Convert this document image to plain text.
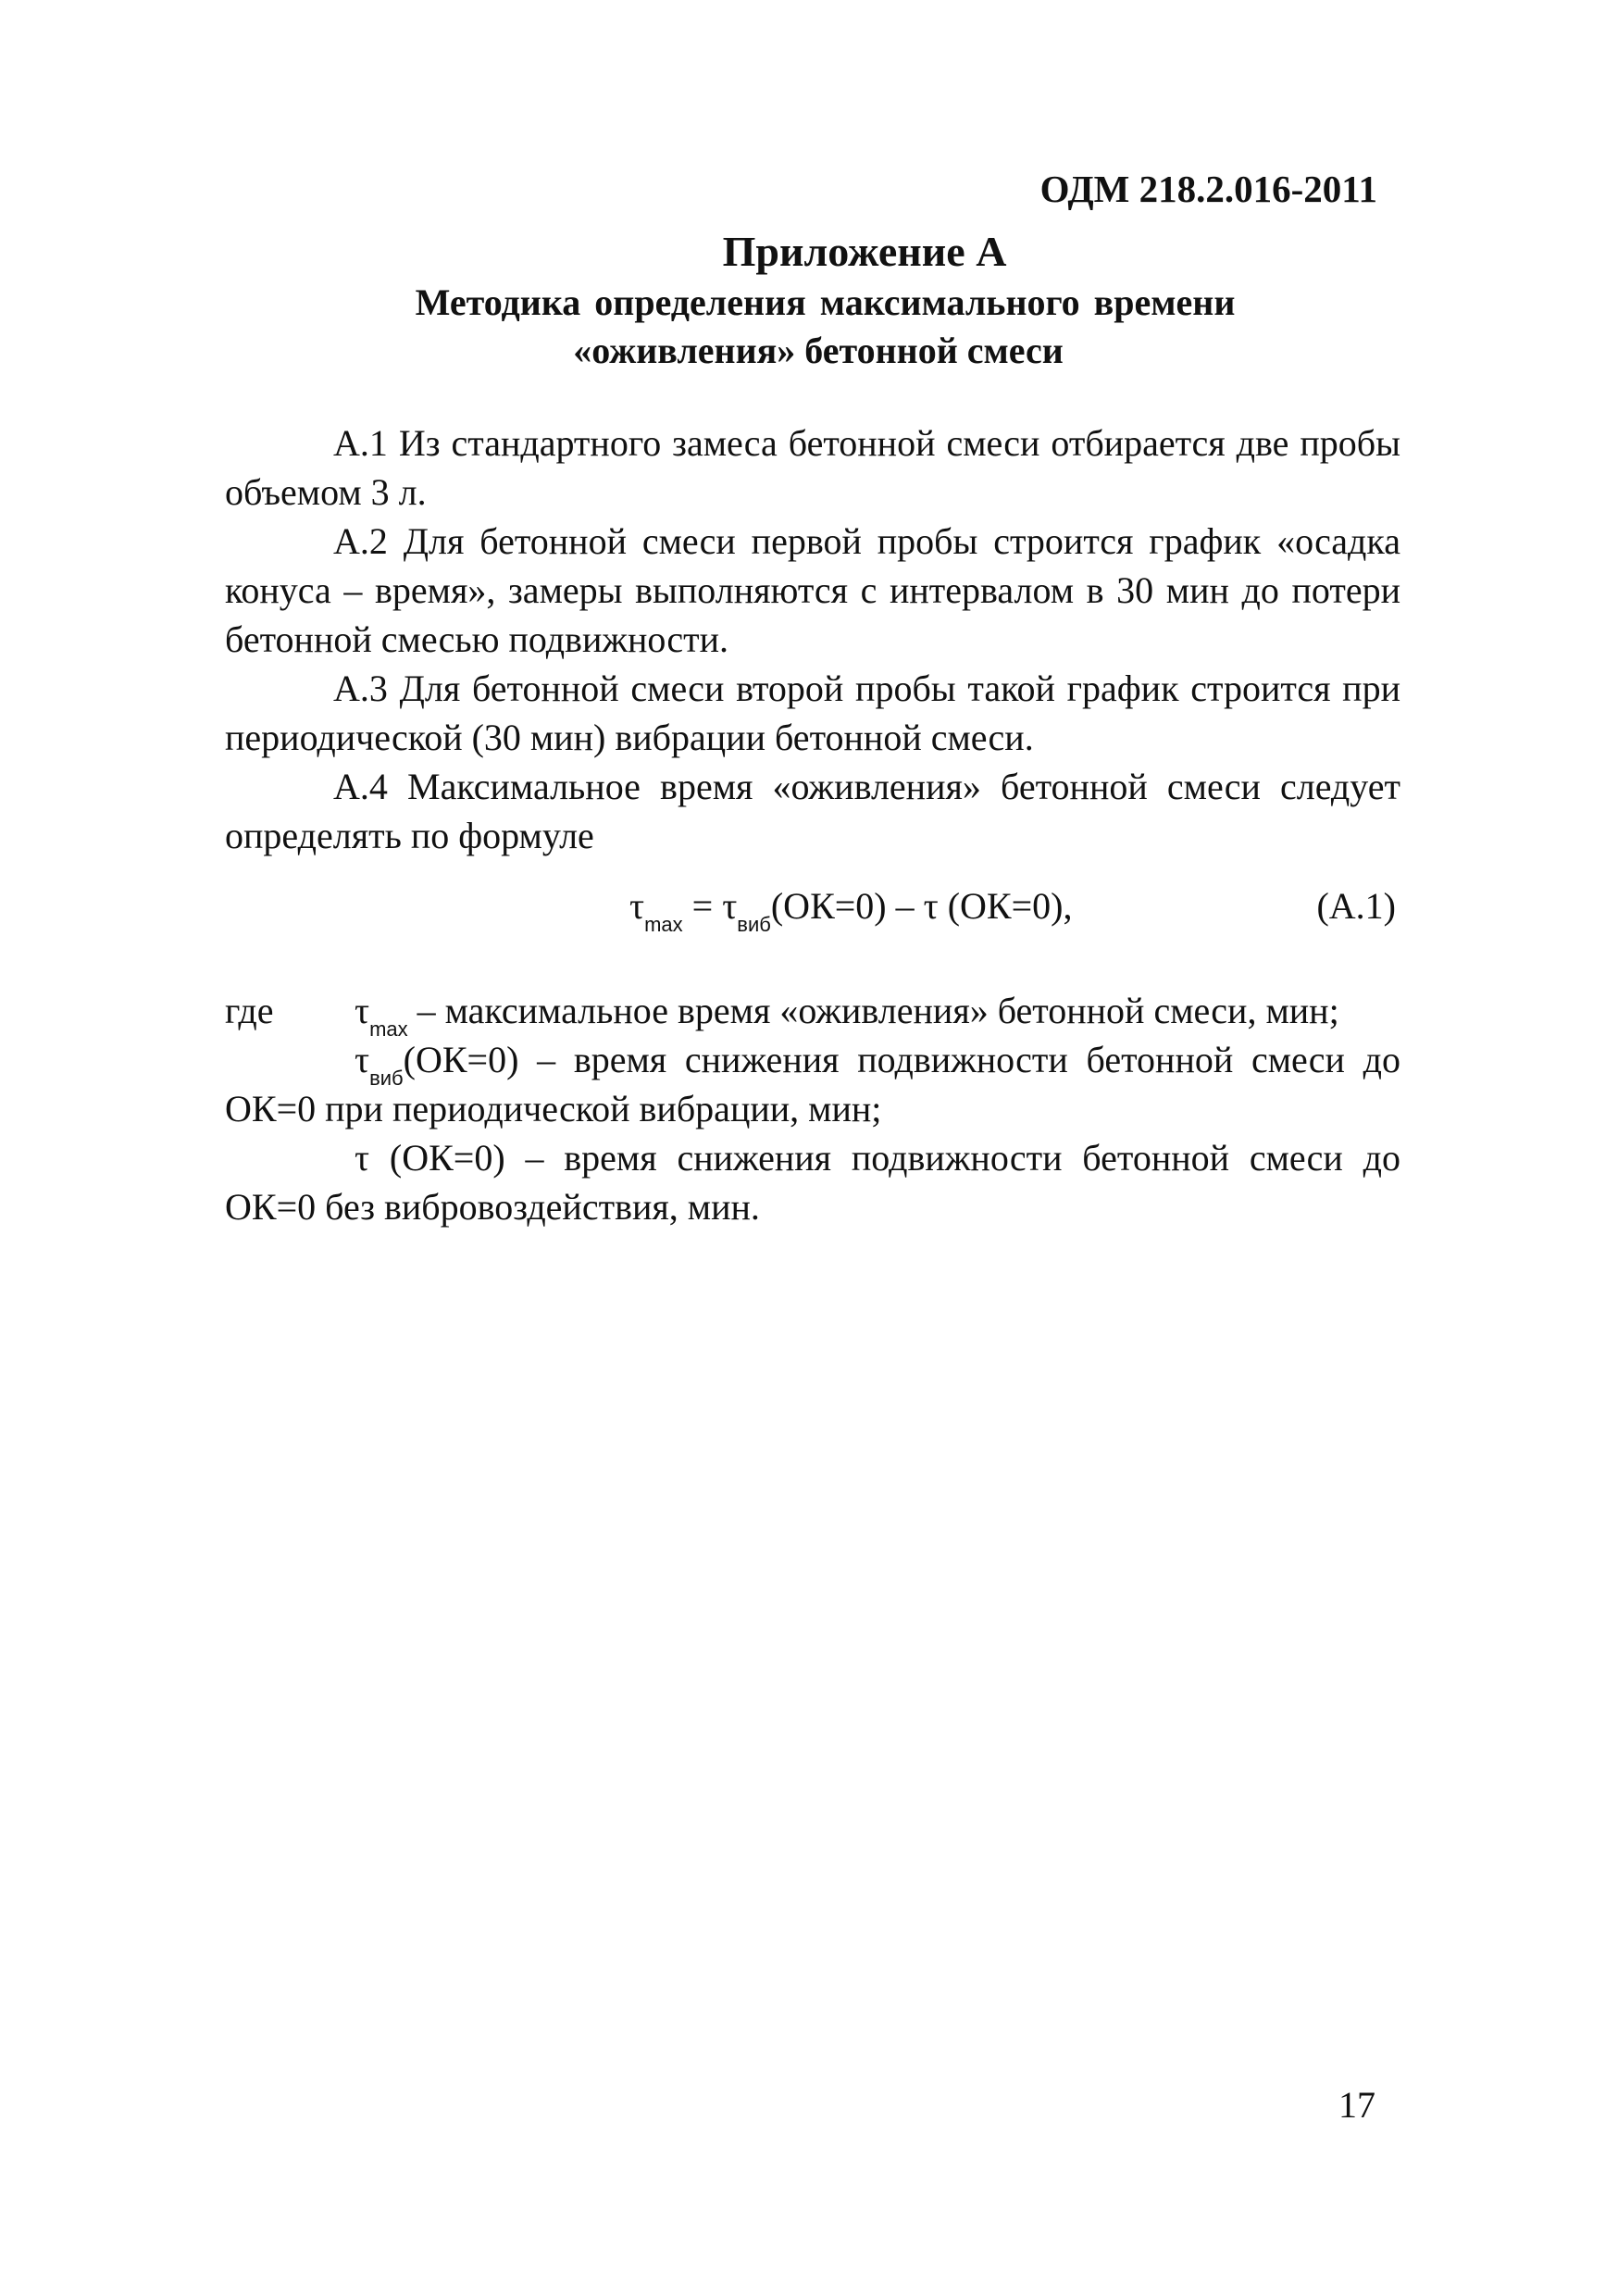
ОДМ 218.2.016-2011
Приложение А
Методика определения максимального времени
«оживления» бетонной смеси
А.1 Из стандартного замеса бетонной смеси отбирается две пробы
объемом 3 л.
А.2 Для бетонной смеси первой пробы строится график «осадка
конуса – время», замеры выполняются с интервалом в 30 мин до потери
бетонной смесью подвижности.
А.3 Для бетонной смеси второй пробы такой график строится при
периодической (30 мин) вибрации бетонной смеси.
А.4 Максимальное время «оживления» бетонной смеси следует
определять по формуле
$\tau_{max} = \tau_{виб}(ОК=0) - \tau$ (ОК=0),	(А.1)
где $\tau_{max}$ – максимальное время «оживления» бетонной смеси, мин;
$\tau_{виб}(ОК=0)$ – время снижения подвижности бетонной смеси до
ОК=0 при периодической вибрации, мин;
τ (ОК=0) – время снижения подвижности бетонной смеси до
ОК=0 без вибровоздействия, мин.
17
